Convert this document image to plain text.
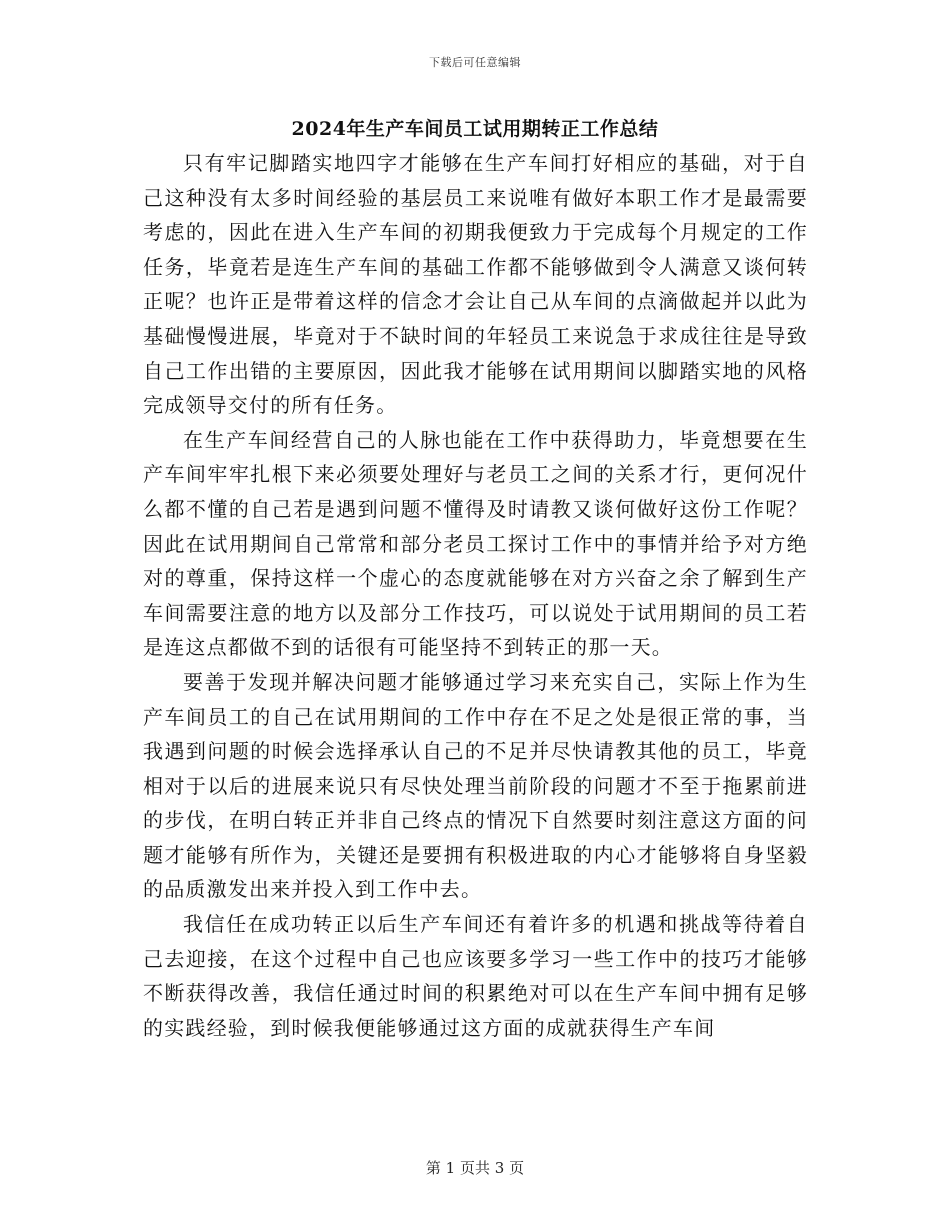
下载后可任意编辑
2024年生产车间员工试用期转正工作总结

只有牢记脚踏实地四字才能够在生产车间打好相应的基础，对于自己这种没有太多时间经验的基层员工来说唯有做好本职工作才是最需要考虑的，因此在进入生产车间的初期我便致力于完成每个月规定的工作任务，毕竟若是连生产车间的基础工作都不能够做到令人满意又谈何转正呢？也许正是带着这样的信念才会让自己从车间的点滴做起并以此为基础慢慢进展，毕竟对于不缺时间的年轻员工来说急于求成往往是导致自己工作出错的主要原因，因此我才能够在试用期间以脚踏实地的风格完成领导交付的所有任务。

在生产车间经营自己的人脉也能在工作中获得助力，毕竟想要在生产车间牢牢扎根下来必须要处理好与老员工之间的关系才行，更何况什么都不懂的自己若是遇到问题不懂得及时请教又谈何做好这份工作呢？因此在试用期间自己常常和部分老员工探讨工作中的事情并给予对方绝对的尊重，保持这样一个虚心的态度就能够在对方兴奋之余了解到生产车间需要注意的地方以及部分工作技巧，可以说处于试用期间的员工若是连这点都做不到的话很有可能坚持不到转正的那一天。

要善于发现并解决问题才能够通过学习来充实自己，实际上作为生产车间员工的自己在试用期间的工作中存在不足之处是很正常的事，当我遇到问题的时候会选择承认自己的不足并尽快请教其他的员工，毕竟相对于以后的进展来说只有尽快处理当前阶段的问题才不至于拖累前进的步伐，在明白转正并非自己终点的情况下自然要时刻注意这方面的问题才能够有所作为，关键还是要拥有积极进取的内心才能够将自身坚毅的品质激发出来并投入到工作中去。

我信任在成功转正以后生产车间还有着许多的机遇和挑战等待着自己去迎接，在这个过程中自己也应该要多学习一些工作中的技巧才能够不断获得改善，我信任通过时间的积累绝对可以在生产车间中拥有足够的实践经验，到时候我便能够通过这方面的成就获得生产车间

第 1 页共 3 页
